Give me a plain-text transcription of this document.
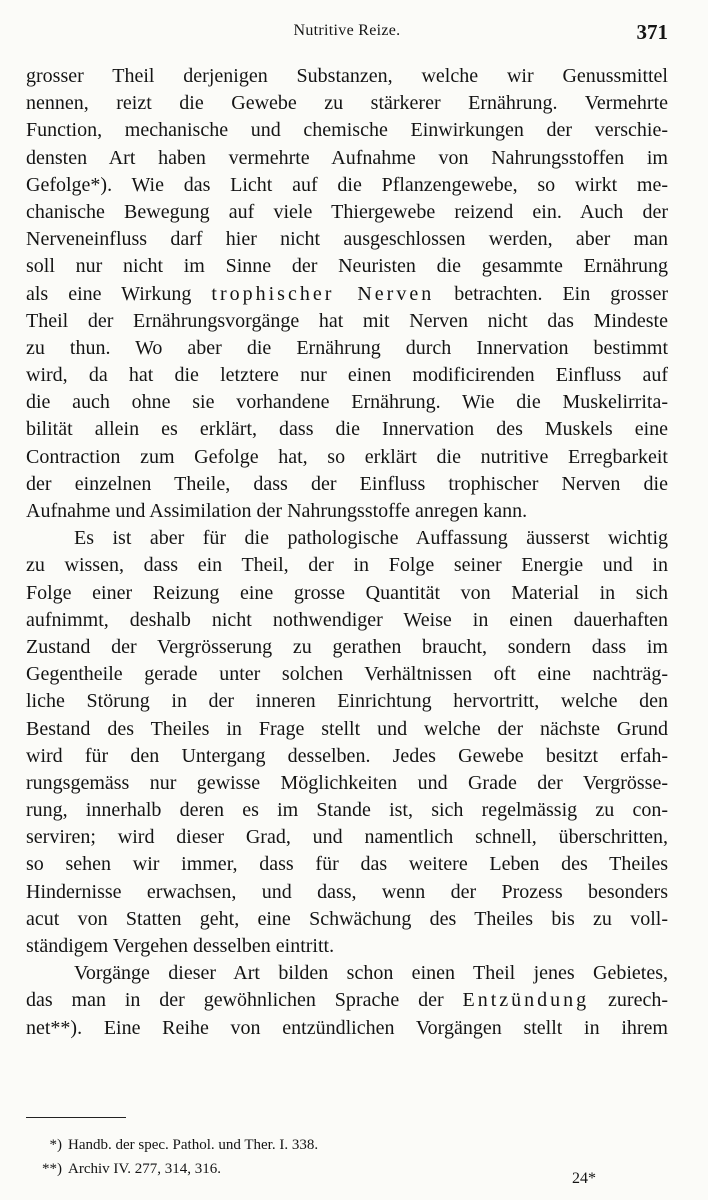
Nutritive Reize.	371
grosser Theil derjenigen Substanzen, welche wir Genussmittel
nennen, reizt die Gewebe zu stärkerer Ernährung. Vermehrte
Function, mechanische und chemische Einwirkungen der verschie-
densten Art haben vermehrte Aufnahme von Nahrungsstoffen im
Gefolge*). Wie das Licht auf die Pflanzengewebe, so wirkt me-
chanische Bewegung auf viele Thiergewebe reizend ein. Auch der
Nerveneinfluss darf hier nicht ausgeschlossen werden, aber man
soll nur nicht im Sinne der Neuristen die gesammte Ernährung
als eine Wirkung trophischer Nerven betrachten. Ein grosser
Theil der Ernährungsvorgänge hat mit Nerven nicht das Mindeste
zu thun. Wo aber die Ernährung durch Innervation bestimmt
wird, da hat die letztere nur einen modificirenden Einfluss auf
die auch ohne sie vorhandene Ernährung. Wie die Muskelirrita-
bilität allein es erklärt, dass die Innervation des Muskels eine
Contraction zum Gefolge hat, so erklärt die nutritive Erregbarkeit
der einzelnen Theile, dass der Einfluss trophischer Nerven die
Aufnahme und Assimilation der Nahrungsstoffe anregen kann.
Es ist aber für die pathologische Auffassung äusserst wichtig
zu wissen, dass ein Theil, der in Folge seiner Energie und in
Folge einer Reizung eine grosse Quantität von Material in sich
aufnimmt, deshalb nicht nothwendiger Weise in einen dauerhaften
Zustand der Vergrösserung zu gerathen braucht, sondern dass im
Gegentheile gerade unter solchen Verhältnissen oft eine nachträg-
liche Störung in der inneren Einrichtung hervortritt, welche den
Bestand des Theiles in Frage stellt und welche der nächste Grund
wird für den Untergang desselben. Jedes Gewebe besitzt erfah-
rungsgemäss nur gewisse Möglichkeiten und Grade der Vergrösse-
rung, innerhalb deren es im Stande ist, sich regelmässig zu con-
serviren; wird dieser Grad, und namentlich schnell, überschritten,
so sehen wir immer, dass für das weitere Leben des Theiles
Hindernisse erwachsen, und dass, wenn der Prozess besonders
acut von Statten geht, eine Schwächung des Theiles bis zu voll-
ständigem Vergehen desselben eintritt.
Vorgänge dieser Art bilden schon einen Theil jenes Gebietes,
das man in der gewöhnlichen Sprache der Entzündung zurech-
net**). Eine Reihe von entzündlichen Vorgängen stellt in ihrem
*) Handb. der spec. Pathol. und Ther. I. 338.
**) Archiv IV. 277, 314, 316.
24*
